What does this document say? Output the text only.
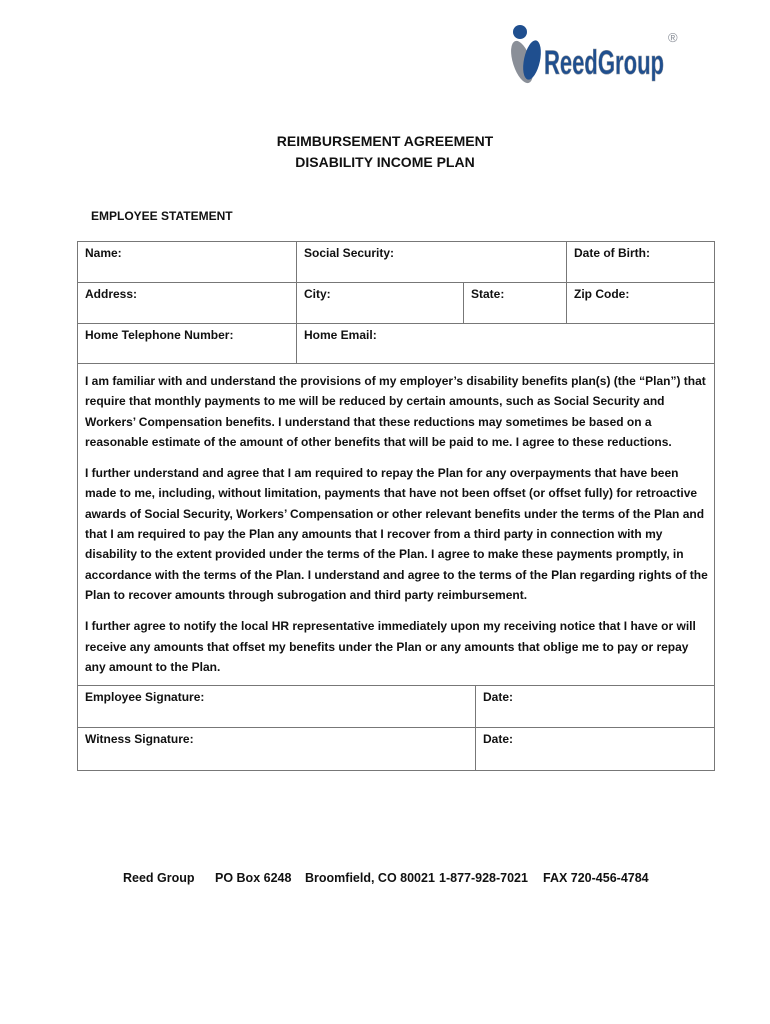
ReedGroup
®
REIMBURSEMENT AGREEMENT
DISABILITY INCOME PLAN
EMPLOYEE STATEMENT
Name:	Social Security:	Date of Birth:
Address:	City:	State:	Zip Code:
Home Telephone Number:	Home Email:

I am familiar with and understand the provisions of my employer’s disability benefits plan(s) (the “Plan”) that require that monthly payments to me will be reduced by certain amounts, such as Social Security and Workers’ Compensation benefits. I understand that these reductions may sometimes be based on a reasonable estimate of the amount of other benefits that will be paid to me. I agree to these reductions.

I further understand and agree that I am required to repay the Plan for any overpayments that have been made to me, including, without limitation, payments that have not been offset (or offset fully) for retroactive awards of Social Security, Workers’ Compensation or other relevant benefits under the terms of the Plan and that I am required to pay the Plan any amounts that I recover from a third party in connection with my disability to the extent provided under the terms of the Plan. I agree to make these payments promptly, in accordance with the terms of the Plan. I understand and agree to the terms of the Plan regarding rights of the Plan to recover amounts through subrogation and third party reimbursement.

I further agree to notify the local HR representative immediately upon my receiving notice that I have or will receive any amounts that offset my benefits under the Plan or any amounts that oblige me to pay or repay any amount to the Plan.

Employee Signature:	Date:
Witness Signature:	Date:
Reed Group PO Box 6248 Broomfield, CO 80021 1-877-928-7021 FAX 720-456-4784
